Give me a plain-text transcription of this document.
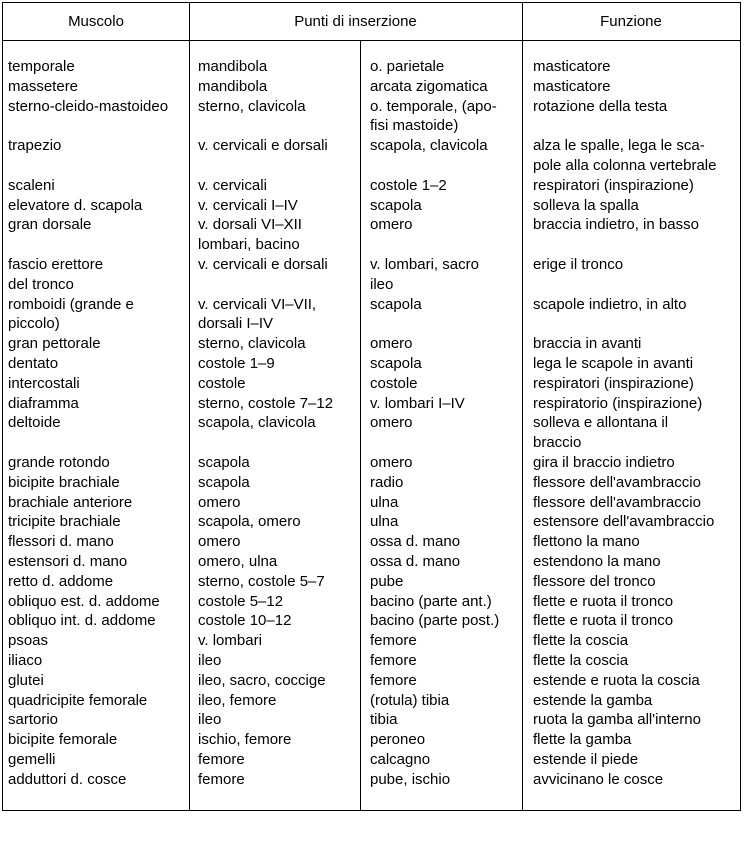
Muscolo	Punti di inserzione	Funzione
temporale
massetere
sterno-cleido-mastoideo
trapezio
scaleni
elevatore d. scapola
gran dorsale
fascio erettore
del tronco
romboidi (grande e
piccolo)
gran pettorale
dentato
intercostali
diaframma
deltoide
grande rotondo
bicipite brachiale
brachiale anteriore
tricipite brachiale
flessori d. mano
estensori d. mano
retto d. addome
obliquo est. d. addome
obliquo int. d. addome
psoas
iliaco
glutei
quadricipite femorale
sartorio
bicipite femorale
gemelli
adduttori d. cosce
mandibola
mandibola
sterno, clavicola
v. cervicali e dorsali
v. cervicali
v. cervicali I–IV
v. dorsali VI–XII
lombari, bacino
v. cervicali e dorsali
v. cervicali VI–VII,
dorsali I–IV
sterno, clavicola
costole 1–9
costole
sterno, costole 7–12
scapola, clavicola
scapola
scapola
omero
scapola, omero
omero
omero, ulna
sterno, costole 5–7
costole 5–12
costole 10–12
v. lombari
ileo
ileo, sacro, coccige
ileo, femore
ileo
ischio, femore
femore
femore
o. parietale
arcata zigomatica
o. temporale, (apo-
fisi mastoide)
scapola, clavicola
costole 1–2
scapola
omero
v. lombari, sacro
ileo
scapola
omero
scapola
costole
v. lombari I–IV
omero
omero
radio
ulna
ulna
ossa d. mano
ossa d. mano
pube
bacino (parte ant.)
bacino (parte post.)
femore
femore
femore
(rotula) tibia
tibia
peroneo
calcagno
pube, ischio
masticatore
masticatore
rotazione della testa
alza le spalle, lega le sca-
pole alla colonna vertebrale
respiratori (inspirazione)
solleva la spalla
braccia indietro, in basso
erige il tronco
scapole indietro, in alto
braccia in avanti
lega le scapole in avanti
respiratori (inspirazione)
respiratorio (inspirazione)
solleva e allontana il
braccio
gira il braccio indietro
flessore dell'avambraccio
flessore dell'avambraccio
estensore dell'avambraccio
flettono la mano
estendono la mano
flessore del tronco
flette e ruota il tronco
flette e ruota il tronco
flette la coscia
flette la coscia
estende e ruota la coscia
estende la gamba
ruota la gamba all'interno
flette la gamba
estende il piede
avvicinano le cosce
